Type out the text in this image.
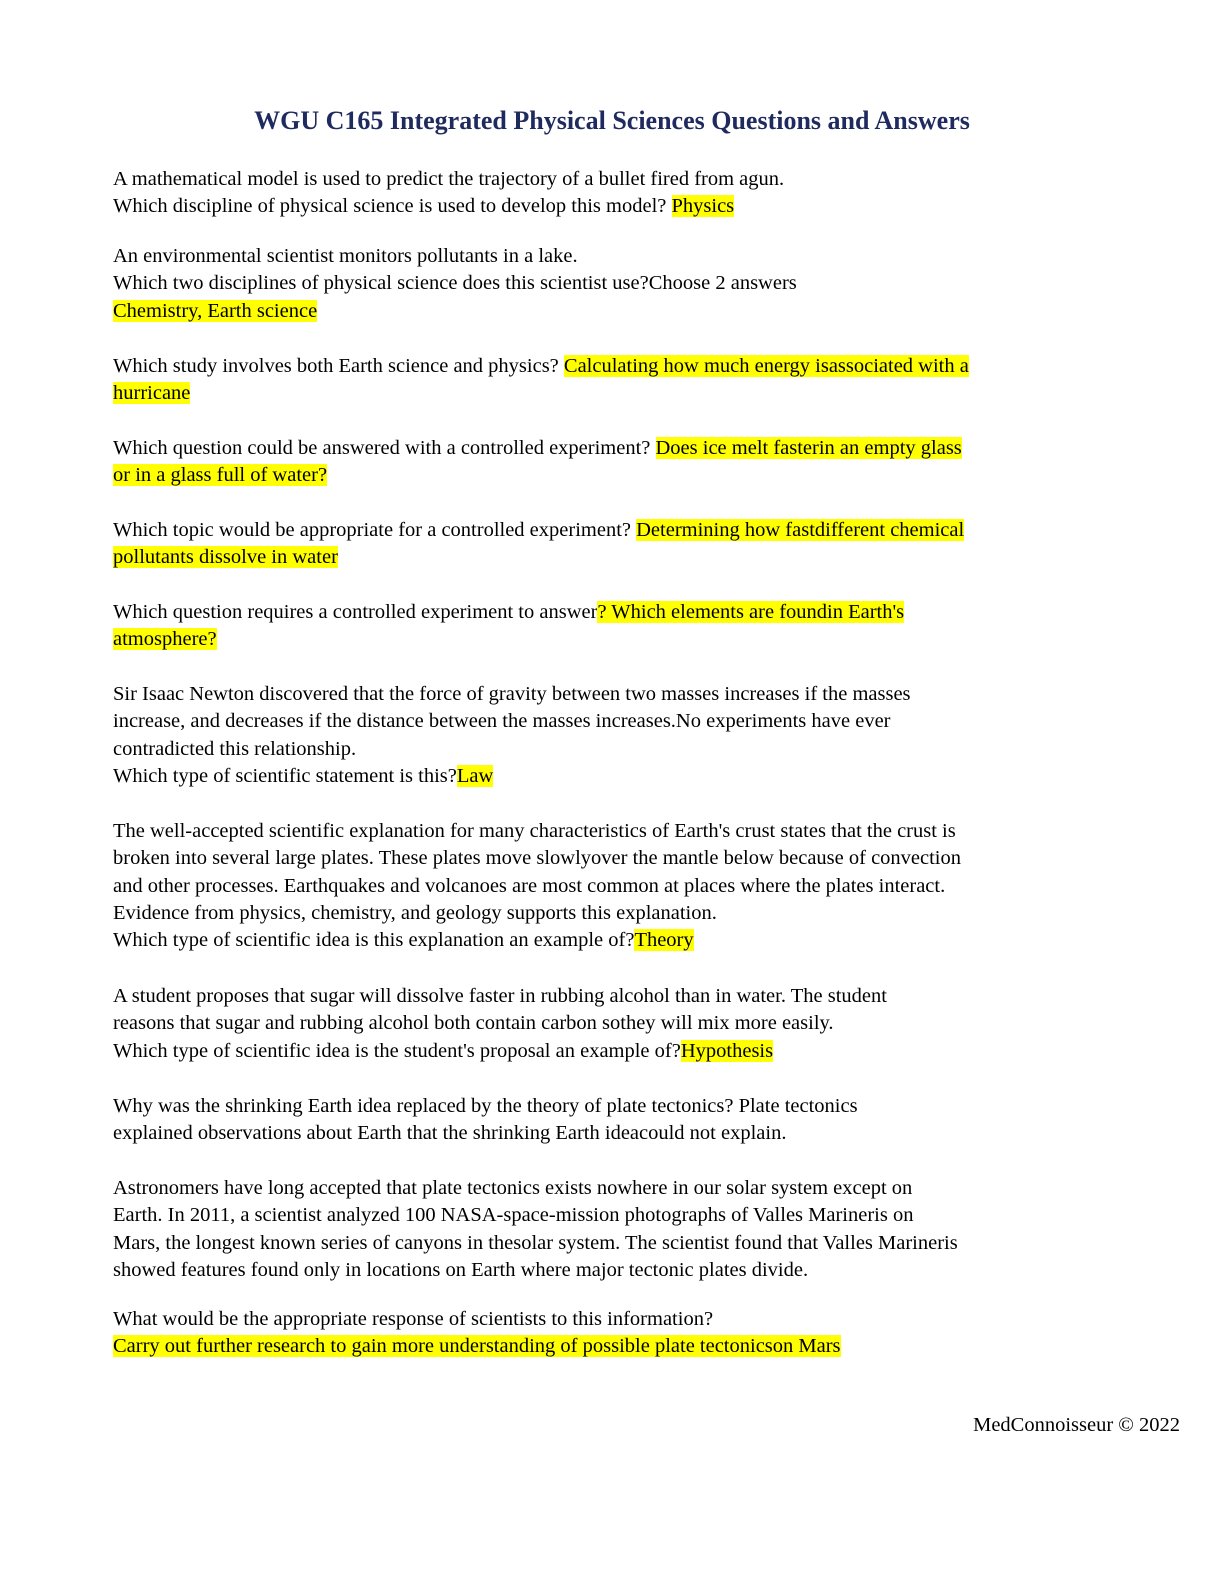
WGU C165 Integrated Physical Sciences Questions and Answers

A mathematical model is used to predict the trajectory of a bullet fired from agun.
Which discipline of physical science is used to develop this model? Physics

An environmental scientist monitors pollutants in a lake.
Which two disciplines of physical science does this scientist use?Choose 2 answers
Chemistry, Earth science

Which study involves both Earth science and physics? Calculating how much energy isassociated with a
hurricane

Which question could be answered with a controlled experiment? Does ice melt fasterin an empty glass
or in a glass full of water?

Which topic would be appropriate for a controlled experiment? Determining how fastdifferent chemical
pollutants dissolve in water

Which question requires a controlled experiment to answer? Which elements are foundin Earth's
atmosphere?

Sir Isaac Newton discovered that the force of gravity between two masses increases if the masses
increase, and decreases if the distance between the masses increases.No experiments have ever
contradicted this relationship.
Which type of scientific statement is this?Law

The well-accepted scientific explanation for many characteristics of Earth's crust states that the crust is
broken into several large plates. These plates move slowlyover the mantle below because of convection
and other processes. Earthquakes and volcanoes are most common at places where the plates interact.
Evidence from physics, chemistry, and geology supports this explanation.
Which type of scientific idea is this explanation an example of?Theory

A student proposes that sugar will dissolve faster in rubbing alcohol than in water. The student
reasons that sugar and rubbing alcohol both contain carbon sothey will mix more easily.
Which type of scientific idea is the student's proposal an example of?Hypothesis

Why was the shrinking Earth idea replaced by the theory of plate tectonics? Plate tectonics
explained observations about Earth that the shrinking Earth ideacould not explain.

Astronomers have long accepted that plate tectonics exists nowhere in our solar system except on
Earth. In 2011, a scientist analyzed 100 NASA-space-mission photographs of Valles Marineris on
Mars, the longest known series of canyons in thesolar system. The scientist found that Valles Marineris
showed features found only in locations on Earth where major tectonic plates divide.

What would be the appropriate response of scientists to this information?
Carry out further research to gain more understanding of possible plate tectonicson Mars

MedConnoisseur © 2022
